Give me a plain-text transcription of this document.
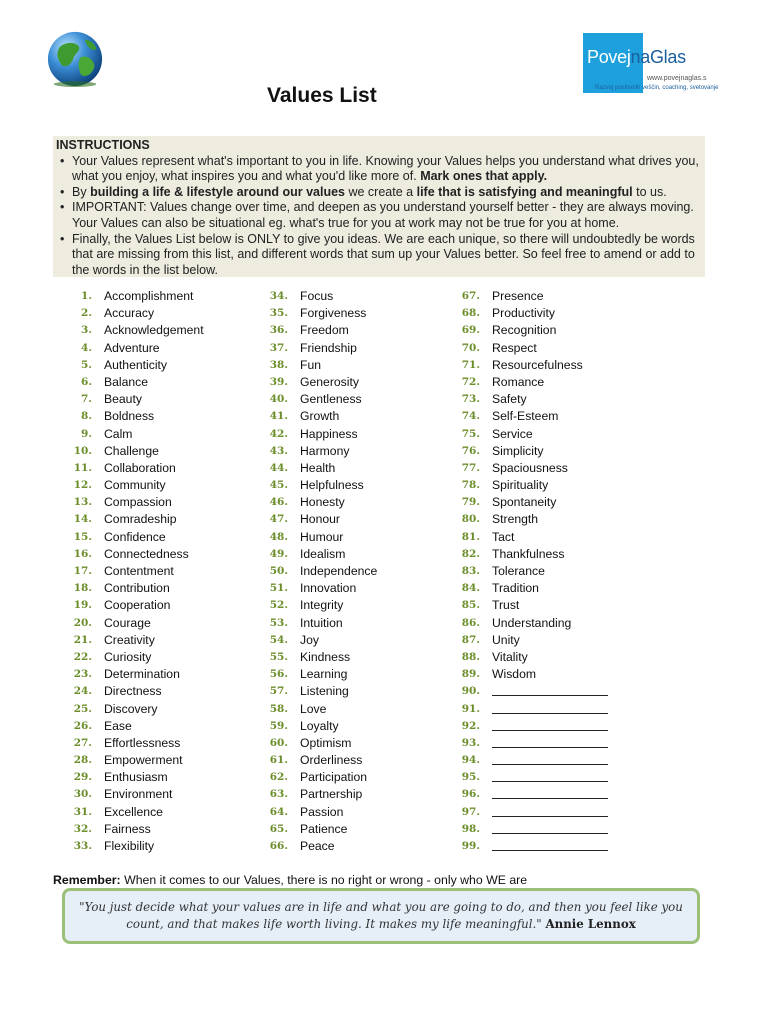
PovejnaGlas
www.povejnaglas.s
Razvoj poslovnih veščin, coaching, svetovanje
Values List
INSTRUCTIONS
• Your Values represent what's important to you in life. Knowing your Values helps you understand what drives you, what you enjoy, what inspires you and what you'd like more of. Mark ones that apply.
• By building a life & lifestyle around our values we create a life that is satisfying and meaningful to us.
• IMPORTANT: Values change over time, and deepen as you understand yourself better - they are always moving. Your Values can also be situational eg. what's true for you at work may not be true for you at home.
• Finally, the Values List below is ONLY to give you ideas. We are each unique, so there will undoubtedly be words that are missing from this list, and different words that sum up your Values better. So feel free to amend or add to the words in the list below.
1. Accomplishment
2. Accuracy
3. Acknowledgement
4. Adventure
5. Authenticity
6. Balance
7. Beauty
8. Boldness
9. Calm
10. Challenge
11. Collaboration
12. Community
13. Compassion
14. Comradeship
15. Confidence
16. Connectedness
17. Contentment
18. Contribution
19. Cooperation
20. Courage
21. Creativity
22. Curiosity
23. Determination
24. Directness
25. Discovery
26. Ease
27. Effortlessness
28. Empowerment
29. Enthusiasm
30. Environment
31. Excellence
32. Fairness
33. Flexibility
34. Focus
35. Forgiveness
36. Freedom
37. Friendship
38. Fun
39. Generosity
40. Gentleness
41. Growth
42. Happiness
43. Harmony
44. Health
45. Helpfulness
46. Honesty
47. Honour
48. Humour
49. Idealism
50. Independence
51. Innovation
52. Integrity
53. Intuition
54. Joy
55. Kindness
56. Learning
57. Listening
58. Love
59. Loyalty
60. Optimism
61. Orderliness
62. Participation
63. Partnership
64. Passion
65. Patience
66. Peace
67. Presence
68. Productivity
69. Recognition
70. Respect
71. Resourcefulness
72. Romance
73. Safety
74. Self-Esteem
75. Service
76. Simplicity
77. Spaciousness
78. Spirituality
79. Spontaneity
80. Strength
81. Tact
82. Thankfulness
83. Tolerance
84. Tradition
85. Trust
86. Understanding
87. Unity
88. Vitality
89. Wisdom
90.
91.
92.
93.
94.
95.
96.
97.
98.
99.
Remember: When it comes to our Values, there is no right or wrong - only who WE are
"You just decide what your values are in life and what you are going to do, and then you feel like you count, and that makes life worth living. It makes my life meaningful." Annie Lennox
